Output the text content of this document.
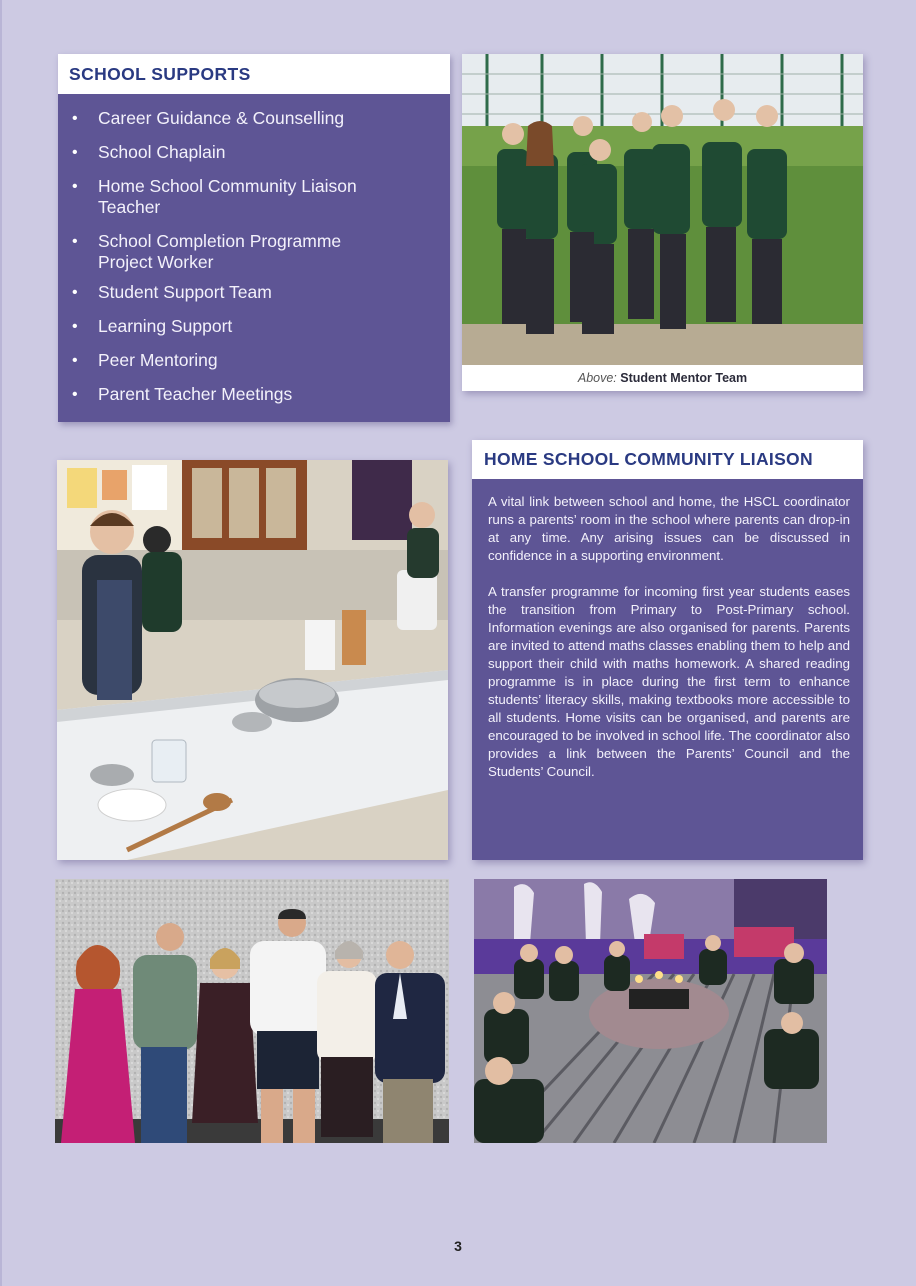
SCHOOL SUPPORTS
• Career Guidance & Counselling
• School Chaplain
• Home School Community Liaison Teacher
• School Completion Programme Project Worker
• Student Support Team
• Learning Support
• Peer Mentoring
• Parent Teacher Meetings
Above: Student Mentor Team
HOME SCHOOL COMMUNITY LIAISON

A vital link between school and home, the HSCL coordinator runs a parents’ room in the school where parents can drop-in at any time. Any arising issues can be discussed in confidence in a supporting environment.

A transfer programme for incoming first year students eases the transition from Primary to Post-Primary school. Information evenings are also organised for parents. Parents are invited to attend maths classes enabling them to help and support their child with maths homework. A shared reading programme is in place during the first term to enhance students’ literacy skills, making textbooks more accessible to all students. Home visits can be organised, and parents are encouraged to be involved in school life. The coordinator also provides a link between the Parents’ Council and the Students’ Council.

3
